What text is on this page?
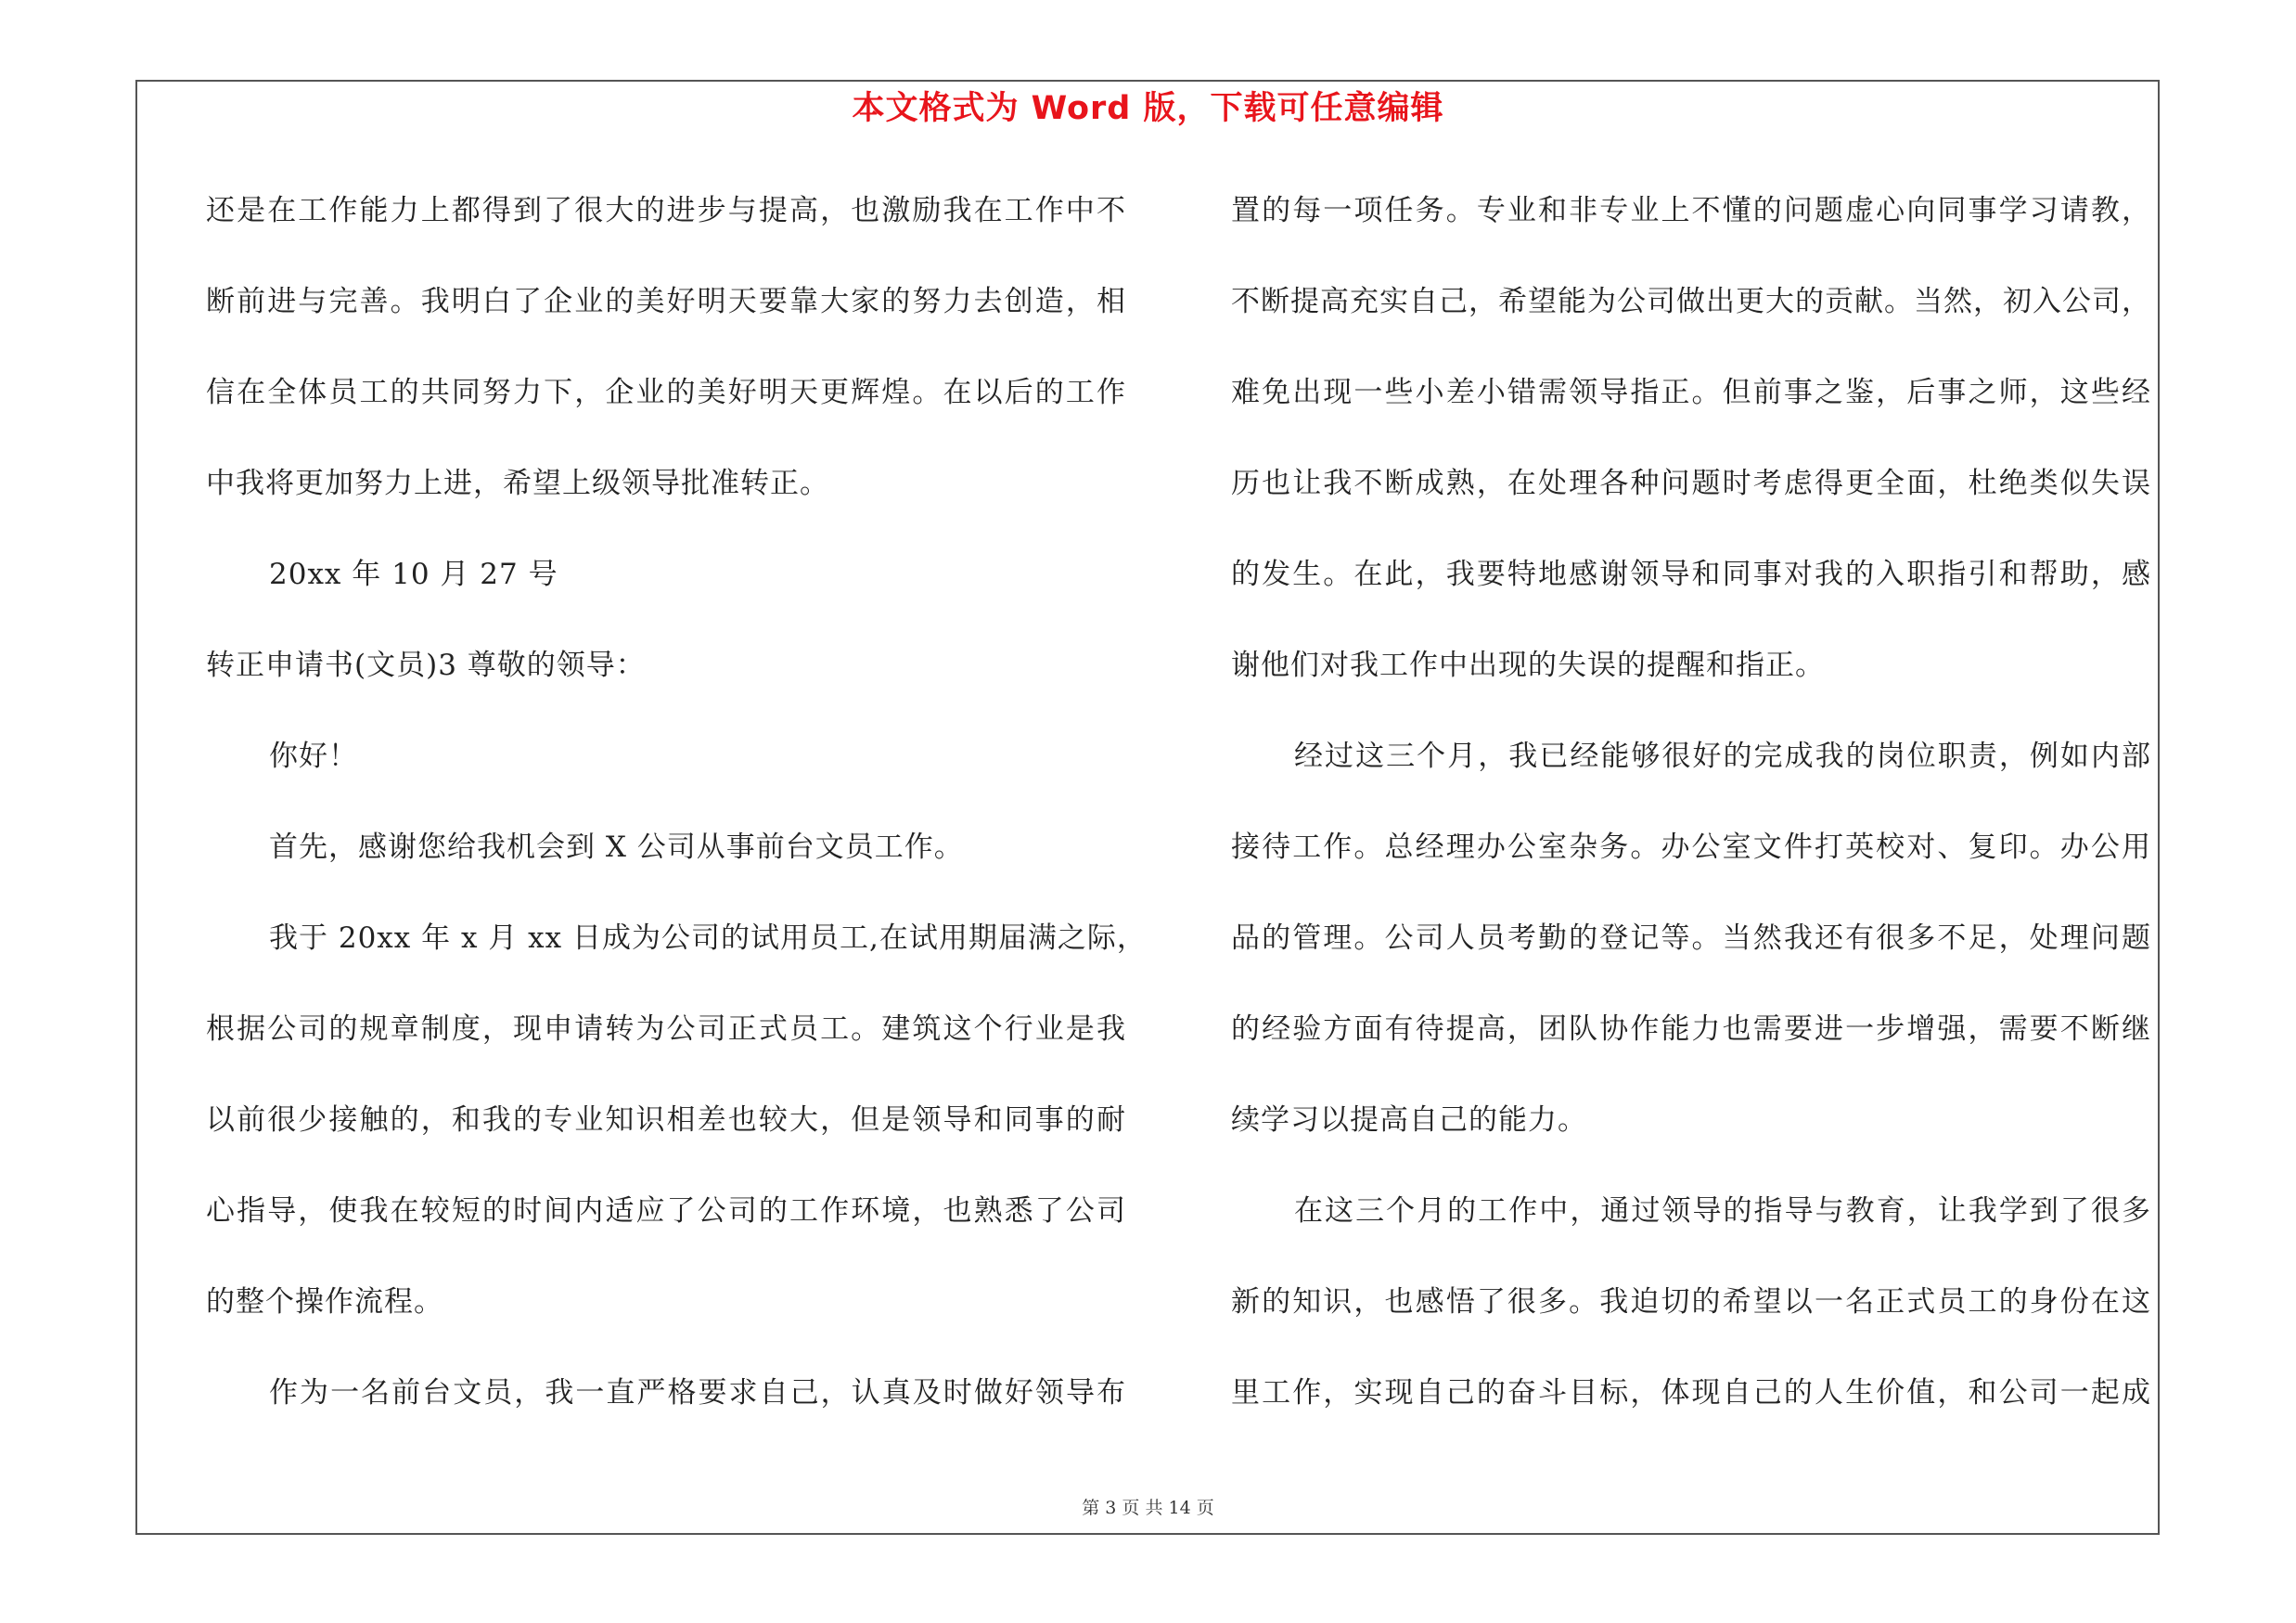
本文格式为 Word 版，下载可任意编辑
还是在工作能力上都得到了很大的进步与提高，也激励我在工作中不
断前进与完善。我明白了企业的美好明天要靠大家的努力去创造，相
信在全体员工的共同努力下，企业的美好明天更辉煌。在以后的工作
中我将更加努力上进，希望上级领导批准转正。
20xx 年 10 月 27 号
转正申请书(文员)3 尊敬的领导：
你好！
首先，感谢您给我机会到 X 公司从事前台文员工作。
我于 20xx 年 x 月 xx 日成为公司的试用员工,在试用期届满之际，
根据公司的规章制度，现申请转为公司正式员工。建筑这个行业是我
以前很少接触的，和我的专业知识相差也较大，但是领导和同事的耐
心指导，使我在较短的时间内适应了公司的工作环境，也熟悉了公司
的整个操作流程。
作为一名前台文员，我一直严格要求自己，认真及时做好领导布
置的每一项任务。专业和非专业上不懂的问题虚心向同事学习请教，
不断提高充实自己，希望能为公司做出更大的贡献。当然，初入公司，
难免出现一些小差小错需领导指正。但前事之鉴，后事之师，这些经
历也让我不断成熟，在处理各种问题时考虑得更全面，杜绝类似失误
的发生。在此，我要特地感谢领导和同事对我的入职指引和帮助，感
谢他们对我工作中出现的失误的提醒和指正。
经过这三个月，我已经能够很好的完成我的岗位职责，例如内部
接待工作。总经理办公室杂务。办公室文件打英校对、复印。办公用
品的管理。公司人员考勤的登记等。当然我还有很多不足，处理问题
的经验方面有待提高，团队协作能力也需要进一步增强，需要不断继
续学习以提高自己的能力。
在这三个月的工作中，通过领导的指导与教育，让我学到了很多
新的知识，也感悟了很多。我迫切的希望以一名正式员工的身份在这
里工作，实现自己的奋斗目标，体现自己的人生价值，和公司一起成
第 3 页 共 14 页
